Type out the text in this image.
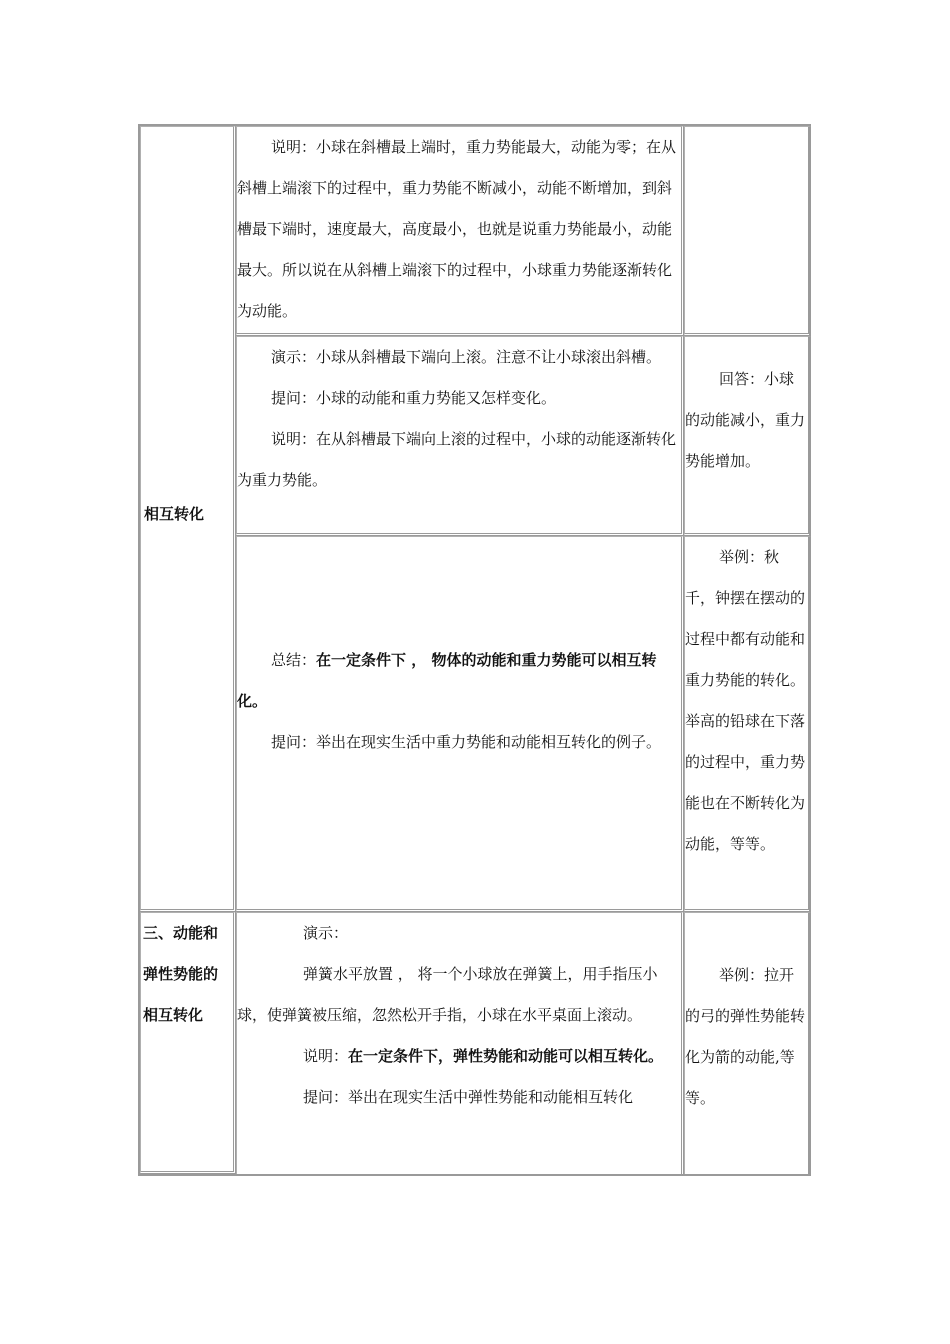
相互转化

说明：小球在斜槽最上端时，重力势能最大，动能为零；在从斜槽上端滚下的过程中，重力势能不断减小，动能不断增加，到斜槽最下端时，速度最大，高度最小，也就是说重力势能最小，动能最大。所以说在从斜槽上端滚下的过程中，小球重力势能逐渐转化为动能。

演示：小球从斜槽最下端向上滚。注意不让小球滚出斜槽。

提问：小球的动能和重力势能又怎样变化。

说明：在从斜槽最下端向上滚的过程中，小球的动能逐渐转化为重力势能。

回答：小球的动能减小，重力势能增加。

总结：在一定条件下 ， 物体的动能和重力势能可以相互转化。

提问：举出在现实生活中重力势能和动能相互转化的例子。

举例：秋千，钟摆在摆动的过程中都有动能和重力势能的转化。举高的铅球在下落的过程中，重力势能也在不断转化为动能，等等。

三、动能和
弹性势能的
相互转化

演示：

弹簧水平放置 ， 将一个小球放在弹簧上，用手指压小球，使弹簧被压缩，忽然松开手指，小球在水平桌面上滚动。

说明：在一定条件下，弹性势能和动能可以相互转化。

提问：举出在现实生活中弹性势能和动能相互转化

举例：拉开的弓的弹性势能转化为箭的动能,等等。
